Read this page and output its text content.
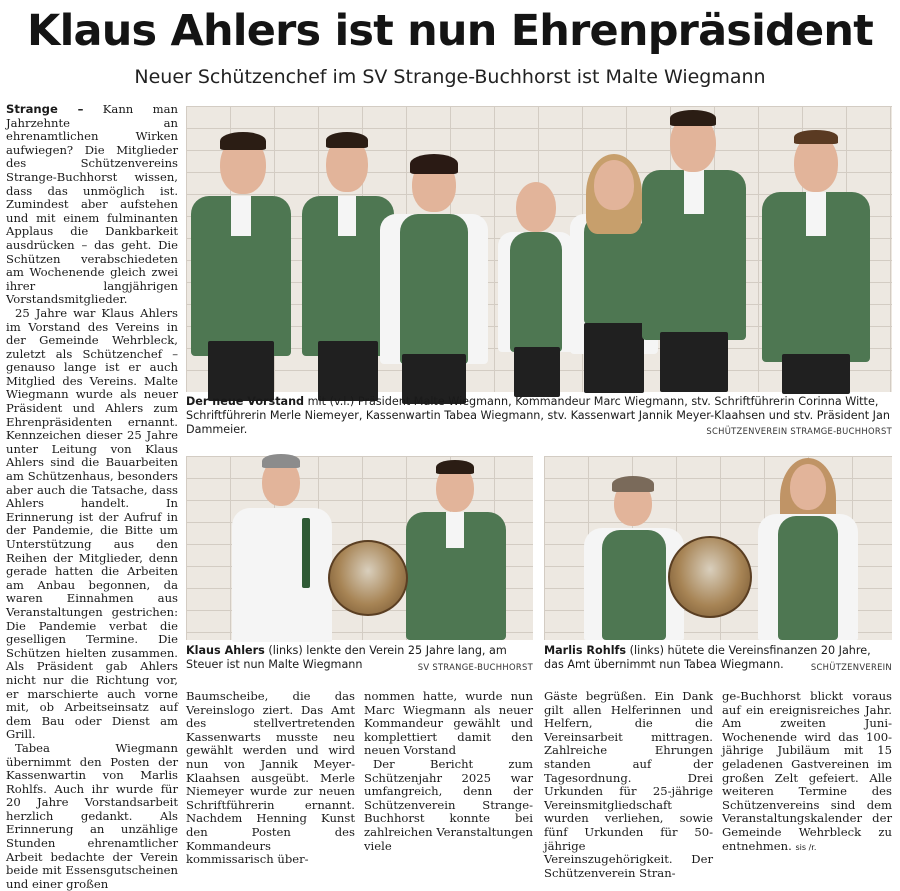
Klaus Ahlers ist nun Ehrenpräsident
Neuer Schützenchef im SV Strange-Buchhorst ist Malte Wiegmann

Strange – Kann man Jahrzehnte an ehrenamtlichen Wirken aufwiegen? Die Mitglieder des Schützenvereins Strange-Buchhorst wissen, dass das unmöglich ist. Zumindest aber aufstehen und mit einem fulminanten Applaus die Dankbarkeit ausdrücken – das geht. Die Schützen verabschiedeten am Wochenende gleich zwei ihrer langjährigen Vorstandsmitglieder.

25 Jahre war Klaus Ahlers im Vorstand des Vereins in der Gemeinde Wehrbleck, zuletzt als Schützenchef – genauso lange ist er auch Mitglied des Vereins. Malte Wiegmann wurde als neuer Präsident und Ahlers zum Ehrenpräsidenten ernannt. Kennzeichen dieser 25 Jahre unter Leitung von Klaus Ahlers sind die Bauarbeiten am Schützenhaus, besonders aber auch die Tatsache, dass Ahlers handelt. In Erinnerung ist der Aufruf in der Pandemie, die Bitte um Unterstützung aus den Reihen der Mitglieder, denn gerade hatten die Arbeiten am Anbau begonnen, da waren Einnahmen aus Veranstaltungen gestrichen: Die Pandemie verbat die geselligen Termine. Die Schützen hielten zusammen. Als Präsident gab Ahlers nicht nur die Richtung vor, er marschierte auch vorne mit, ob Arbeitseinsatz auf dem Bau oder Dienst am Grill.

Tabea Wiegmann übernimmt den Posten der Kassenwartin von Marlis Rohlfs. Auch ihr wurde für 20 Jahre Vorstandsarbeit herzlich gedankt. Als Erinnerung an unzählige Stunden ehrenamtlicher Arbeit bedachte der Verein beide mit Essensgutscheinen und einer großen

Der neue Vorstand mit (v.l.) Präsident Malte Wiegmann, Kommandeur Marc Wiegmann, stv. Schriftführerin Corinna Witte, Schriftführerin Merle Niemeyer, Kassenwartin Tabea Wiegmann, stv. Kassenwart Jannik Meyer-Klaahsen und stv. Präsident Jan Dammeier.	SCHÜTZENVEREIN STRAMGE-BUCHHORST
Klaus Ahlers (links) lenkte den Verein 25 Jahre lang, am Steuer ist nun Malte Wiegmann	SV STRANGE-BUCHHORST
Marlis Rohlfs (links) hütete die Vereinsfinanzen 20 Jahre, das Amt übernimmt nun Tabea Wiegmann.	SCHÜTZENVEREIN

Baumscheibe, die das Vereinslogo ziert. Das Amt des stellvertretenden Kassenwarts musste neu gewählt werden und wird nun von Jannik Meyer-Klaahsen ausgeübt. Merle Niemeyer wurde zur neuen Schriftführerin ernannt. Nachdem Henning Kunst den Posten des Kommandeurs kommissarisch über-

nommen hatte, wurde nun Marc Wiegmann als neuer Kommandeur gewählt und komplettiert damit den neuen Vorstand

Der Bericht zum Schützenjahr 2025 war umfangreich, denn der Schützenverein Strange-Buchhorst konnte bei zahlreichen Veranstaltungen viele

Gäste begrüßen. Ein Dank gilt allen Helferinnen und Helfern, die die Vereinsarbeit mittragen. Zahlreiche Ehrungen standen auf der Tagesordnung. Drei Urkunden für 25-jährige Vereinsmitgliedschaft wurden verliehen, sowie fünf Urkunden für 50-jährige Vereinszugehörigkeit. Der Schützenverein Stran-

ge-Buchhorst blickt voraus auf ein ereignisreiches Jahr. Am zweiten Juni-Wochenende wird das 100-jährige Jubiläum mit 15 geladenen Gastvereinen im großen Zelt gefeiert. Alle weiteren Termine des Schützenvereins sind dem Veranstaltungskalender der Gemeinde Wehrbleck zu entnehmen. sis /r.
